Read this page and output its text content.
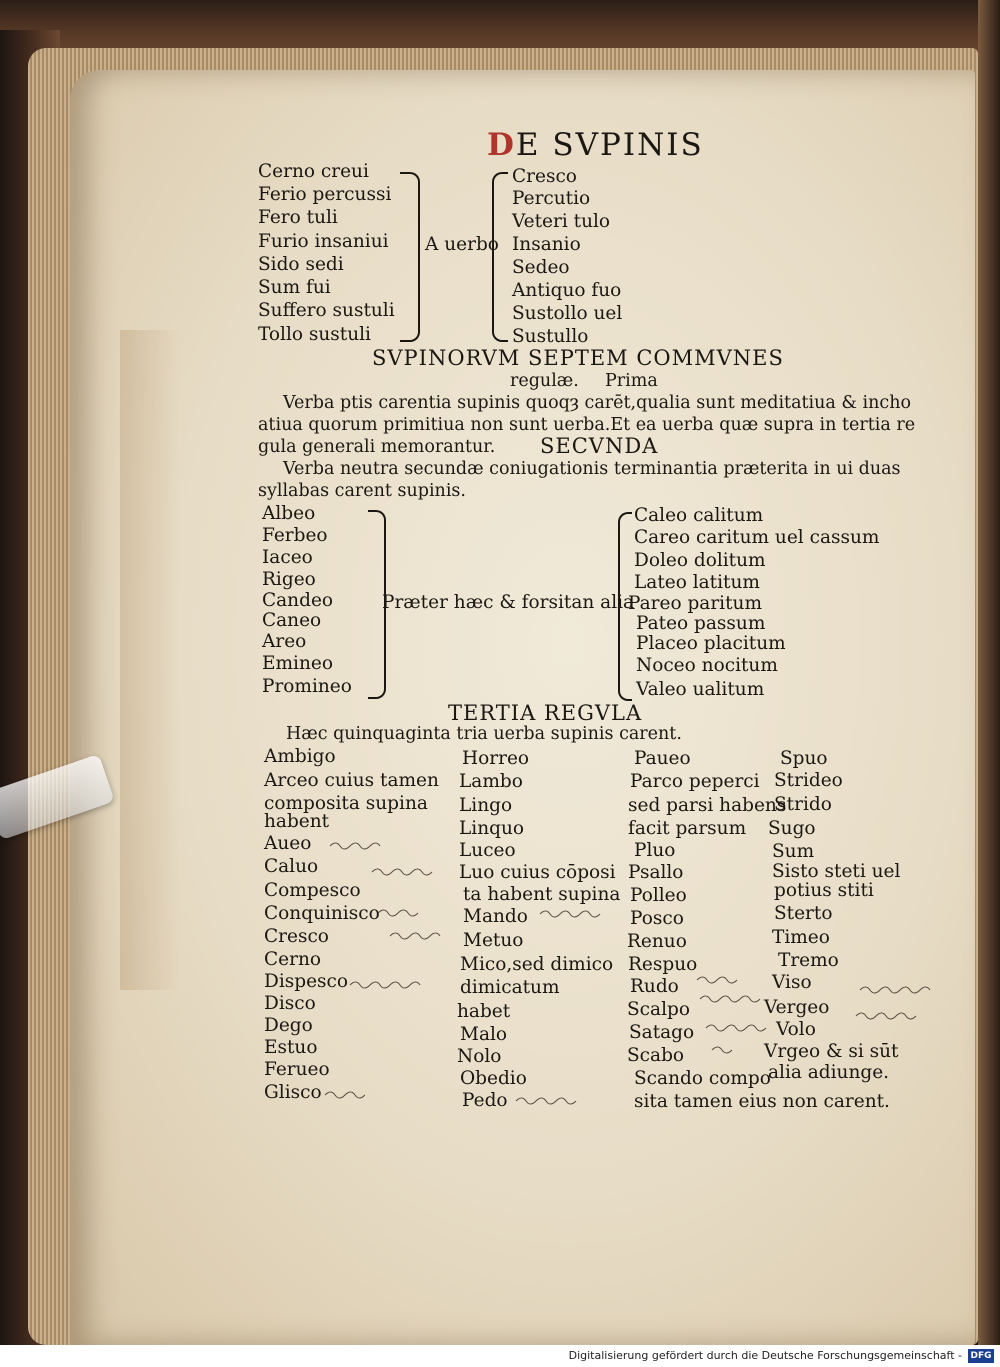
DE SVPINIS
Cerno creui
Ferio percussi
Fero tuli
Furio insaniui
Sido sedi
Sum fui
Suffero sustuli
Tollo sustuli
A uerbo
Cresco
Percutio
Veteri tulo
Insanio
Sedeo
Antiquo fuo
Sustollo uel
Sustullo
SVPINORVM SEPTEM COMMVNES
regulæ. Prima
Verba ptis carentia supinis quoqȝ carēt,qualia sunt meditatiua & incho
atiua quorum primitiua non sunt uerba.Et ea uerba quæ supra in tertia re
gula generali memorantur. SECVNDA
Verba neutra secundæ coniugationis terminantia præterita in ui duas
syllabas carent supinis.
Albeo
Ferbeo
Iaceo
Rigeo
Candeo
Caneo
Areo
Emineo
Promineo
Præter hæc & forsitan alia
Caleo calitum
Careo caritum uel cassum
Doleo dolitum
Lateo latitum
Pareo paritum
Pateo passum
Placeo placitum
Noceo nocitum
Valeo ualitum
TERTIA REGVLA
Hæc quinquaginta tria uerba supinis carent.
Ambigo
Arceo cuius tamen
composita supina
habent
Aueo
Caluo
Compesco
Conquinisco
Cresco
Cerno
Dispesco
Disco
Dego
Estuo
Ferueo
Glisco
Horreo
Lambo
Lingo
Linquo
Luceo
Luo cuius cōposi
ta habent supina
Mando
Metuo
Mico,sed dimico
dimicatum
habet
Malo
Nolo
Obedio
Pedo
Paueo
Parco peperci
sed parsi habens
facit parsum
Pluo
Psallo
Polleo
Posco
Renuo
Respuo
Rudo
Scalpo
Satago
Scabo
Scando compo
sita tamen eius non carent.
Spuo
Strideo
Strido
Sugo
Sum
Sisto steti uel
potius stiti
Sterto
Timeo
Tremo
Viso
Vergeo
Volo
Vrgeo & si sūt
alia adiunge.
Digitalisierung gefördert durch die Deutsche Forschungsgemeinschaft - DFG
